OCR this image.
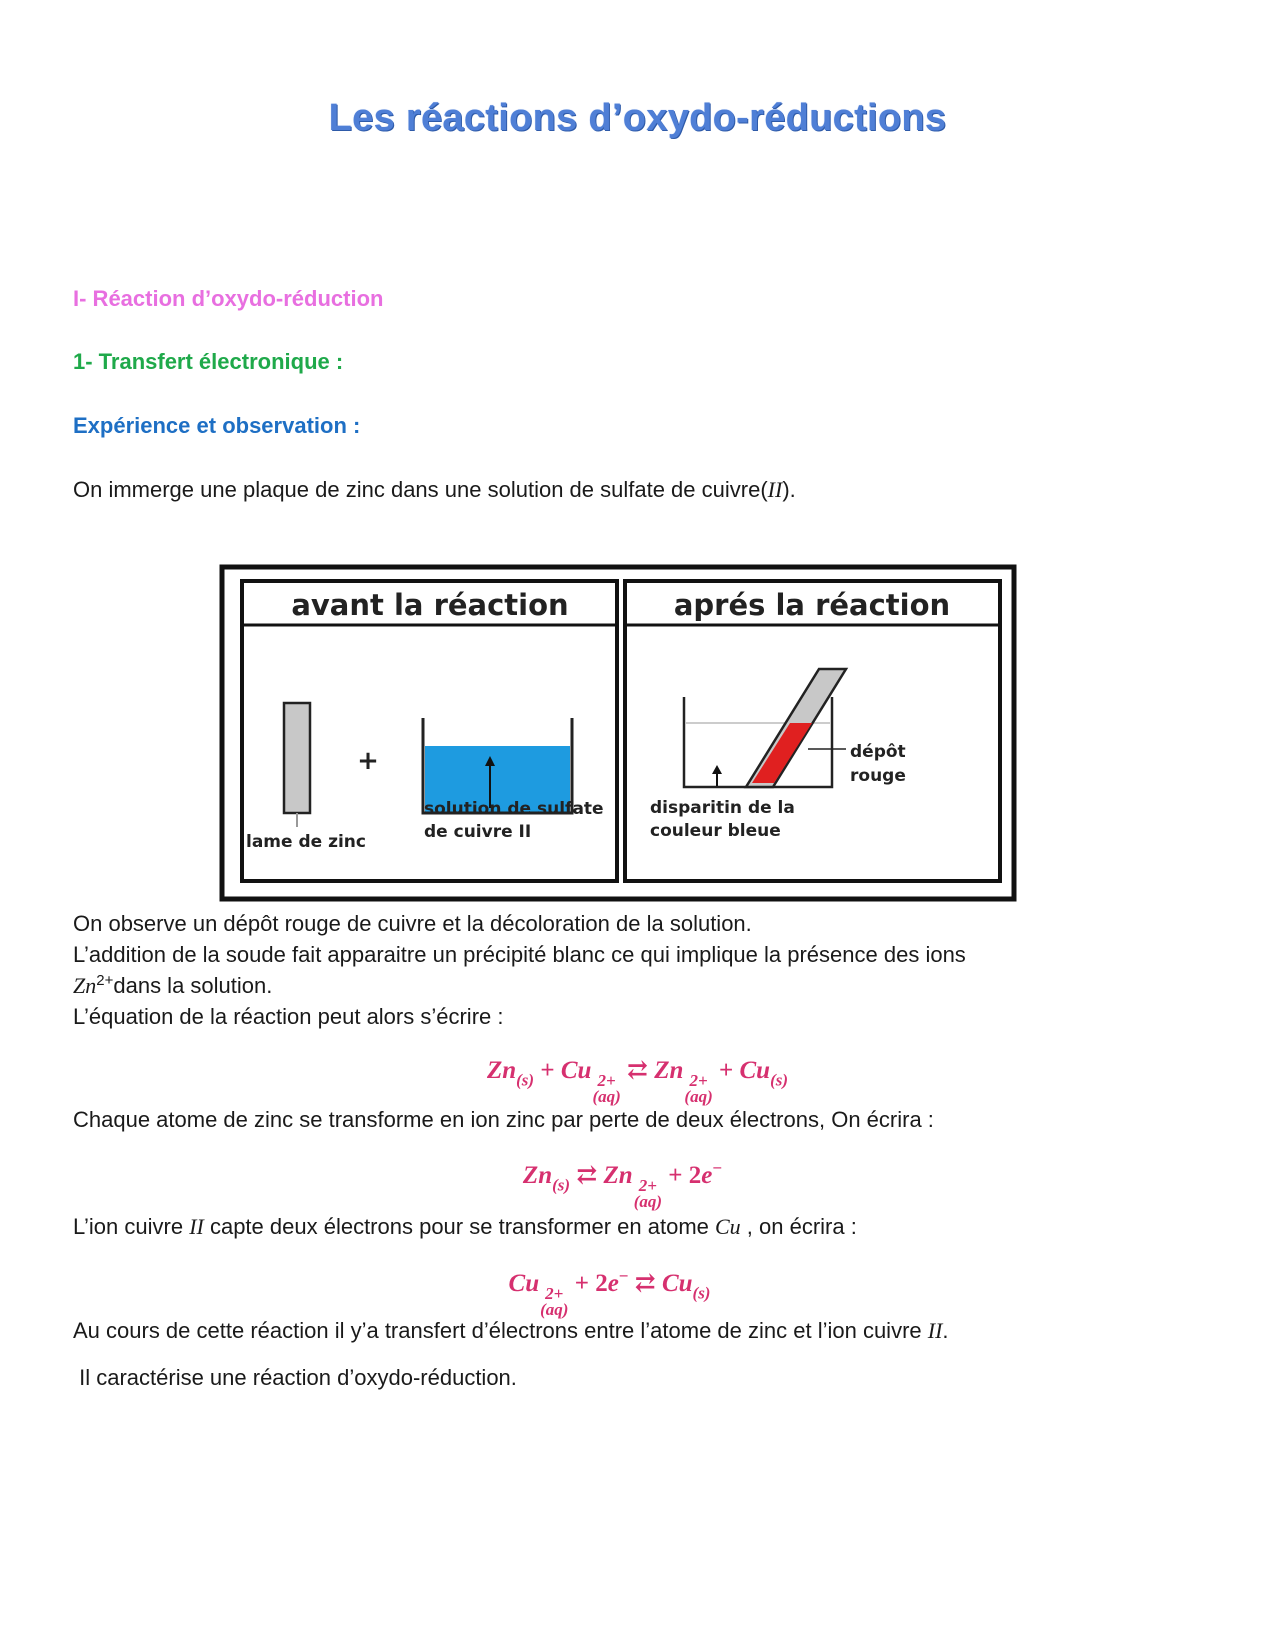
Les réactions d’oxydo-réductions
I- Réaction d’oxydo-réduction
1- Transfert électronique :
Expérience et observation :
On immerge une plaque de zinc dans une solution de sulfate de cuivre(II).
avant la réaction	aprés la réaction
lame de zinc
+
solution de sulfate
de cuivre II
dépôt
rouge
disparitin de la
couleur bleue
On observe un dépôt rouge de cuivre et la décoloration de la solution.
L’addition de la soude fait apparaitre un précipité blanc ce qui implique la présence des ions
$Zn^{2+}dans$ la solution.
L’équation de la réaction peut alors s’écrire :
$Zn_{(s)} + Cu$ 2+
(aq)
⇄ Zn 2+
(aq)
+ $Cu_{(s)}$
Chaque atome de zinc se transforme en ion zinc par perte de deux électrons, On écrira :
$Zn_{(s)}$ ⇄ Zn 2+
(aq)
+ 2e−
L’ion cuivre II capte deux électrons pour se transformer en atome Cu , on écrira :
Cu 2+
(aq)
+ 2e− ⇄ $Cu_{(s)}$
Au cours de cette réaction il y’a transfert d’électrons entre l’atome de zinc et l’ion cuivre II.
Il caractérise une réaction d’oxydo-réduction.
